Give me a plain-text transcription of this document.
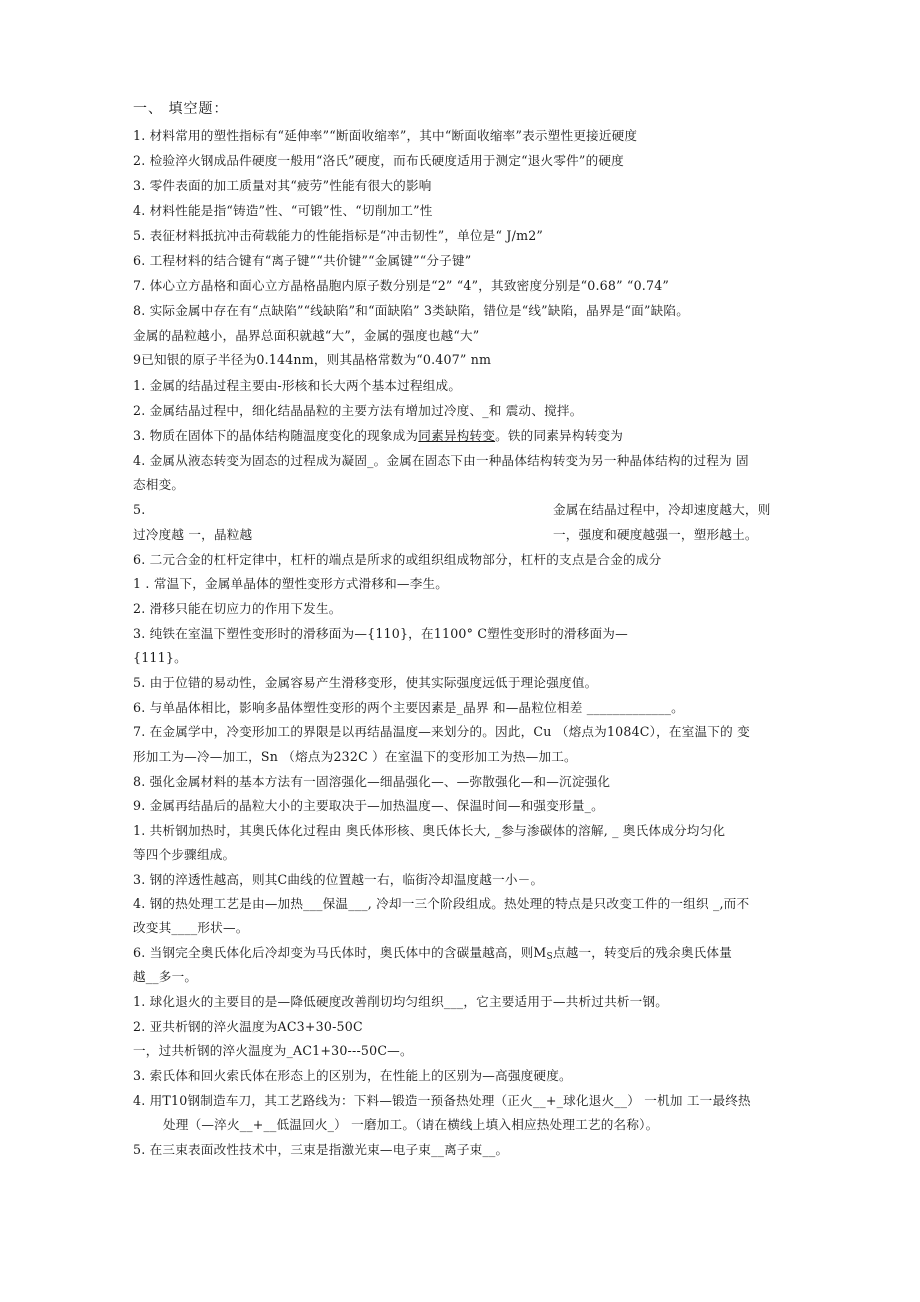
一、 填空题：
1. 材料常用的塑性指标有“延伸率”“断面收缩率”，其中“断面收缩率”表示塑性更接近硬度
2. 检验淬火钢成品件硬度一般用“洛氏”硬度，而布氏硬度适用于测定“退火零件”的硬度
3. 零件表面的加工质量对其“疲劳”性能有很大的影响
4. 材料性能是指“铸造”性、“可锻”性、“切削加工”性
5. 表征材料抵抗冲击荷载能力的性能指标是“冲击韧性”，单位是“ J/m2”
6. 工程材料的结合键有“离子键”“共价键”“金属键”“分子键”
7. 体心立方晶格和面心立方晶格晶胞内原子数分别是“2” “4”，其致密度分别是“0.68” “0.74”
8. 实际金属中存在有“点缺陷”“线缺陷”和“面缺陷” 3类缺陷，错位是“线”缺陷，晶界是“面”缺陷。
金属的晶粒越小，晶界总面积就越“大”，金属的强度也越“大”
9已知银的原子半径为0.144nm，则其晶格常数为“0.407” nm
1. 金属的结晶过程主要由-形核和长大两个基本过程组成。
2. 金属结晶过程中，细化结晶晶粒的主要方法有增加过冷度、_和 震动、搅拌。
3. 物质在固体下的晶体结构随温度变化的现象成为同素异构转变。铁的同素异构转变为
4. 金属从液态转变为固态的过程成为凝固_。金属在固态下由一种晶体结构转变为另一种晶体结构的过程为 固
态相变。
5.	金属在结晶过程中，冷却速度越大，则
过冷度越 一，晶粒越	一，强度和硬度越强一，塑形越土。
6. 二元合金的杠杆定律中，杠杆的端点是所求的或组织组成物部分，杠杆的支点是合金的成分
1 . 常温下，金属单晶体的塑性变形方式滑移和—李生。
2. 滑移只能在切应力的作用下发生。
3. 纯铁在室温下塑性变形时的滑移面为—{110}，在1100° C塑性变形时的滑移面为—
{111}。
5. 由于位错的易动性，金属容易产生滑移变形，使其实际强度远低于理论强度值。
6. 与单晶体相比，影响多晶体塑性变形的两个主要因素是_晶界 和—晶粒位相差 _____________。
7. 在金属学中，冷变形加工的界限是以再结晶温度—来划分的。因此，Cu （熔点为1084C），在室温下的 变
形加工为—冷—加工，Sn （熔点为232C ）在室温下的变形加工为热—加工。
8. 强化金属材料的基本方法有一固溶强化—细晶强化—、—弥散强化—和—沉淀强化
9. 金属再结晶后的晶粒大小的主要取决于—加热温度—、保温时间—和强变形量_。
1. 共析钢加热时，其奥氏体化过程由 奥氏体形核、奥氏体长大, _参与渗碳体的溶解, _ 奥氏体成分均匀化
等四个步骤组成。
3. 钢的淬透性越高，则其C曲线的位置越一右，临街冷却温度越一小－。
4. 钢的热处理工艺是由—加热___保温___, 冷却一三个阶段组成。热处理的特点是只改变工件的一组织 _,而不
改变其____形状—。
6. 当钢完全奥氏体化后冷却变为马氏体时，奥氏体中的含碳量越高，则$M_S$点越一，转变后的残余奥氏体量
越__多一。
1. 球化退火的主要目的是—降低硬度改善削切均匀组织___，它主要适用于—共析过共析一钢。
2. 亚共析钢的淬火温度为AC3+30-50C
一，过共析钢的淬火温度为_AC1+30---50C—。
3. 索氏体和回火索氏体在形态上的区别为，在性能上的区别为—高强度硬度。
4. 用T10钢制造车刀，其工艺路线为：下料—锻造一预备热处理（正火__+_球化退火__） 一机加 工一最终热
处理（—淬火__+__低温回火_） 一磨加工。（请在横线上填入相应热处理工艺的名称）。
5. 在三束表面改性技术中，三束是指激光束—电子束__离子束__。
